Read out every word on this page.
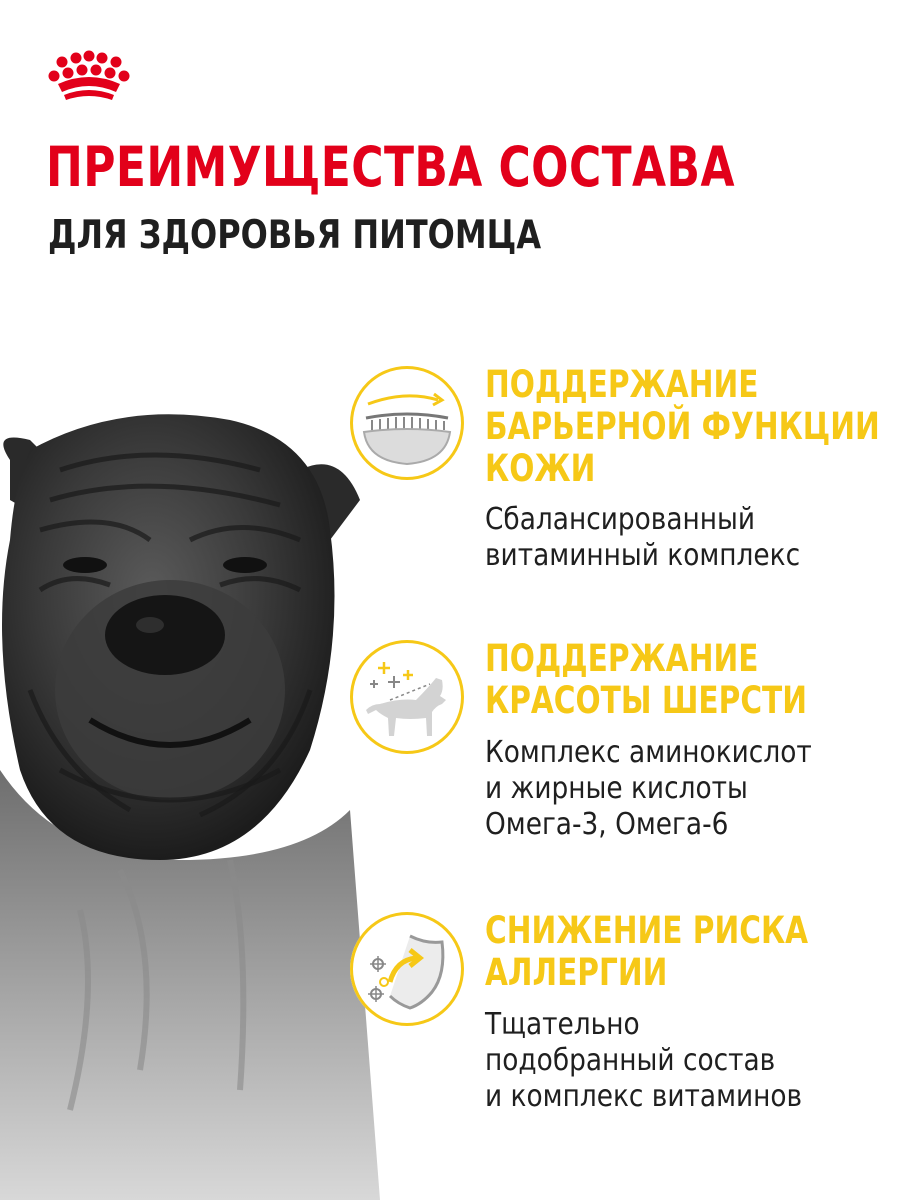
ПРЕИМУЩЕСТВА СОСТАВА
ДЛЯ ЗДОРОВЬЯ ПИТОМЦА
ПОДДЕРЖАНИЕ
БАРЬЕРНОЙ ФУНКЦИИ
КОЖИ

Сбалансированный
витаминный комплекс

ПОДДЕРЖАНИЕ
КРАСОТЫ ШЕРСТИ

Комплекс аминокислот
и жирные кислоты
Омега-3, Омега-6

СНИЖЕНИЕ РИСКА
АЛЛЕРГИИ

Тщательно
подобранный состав
и комплекс витаминов
